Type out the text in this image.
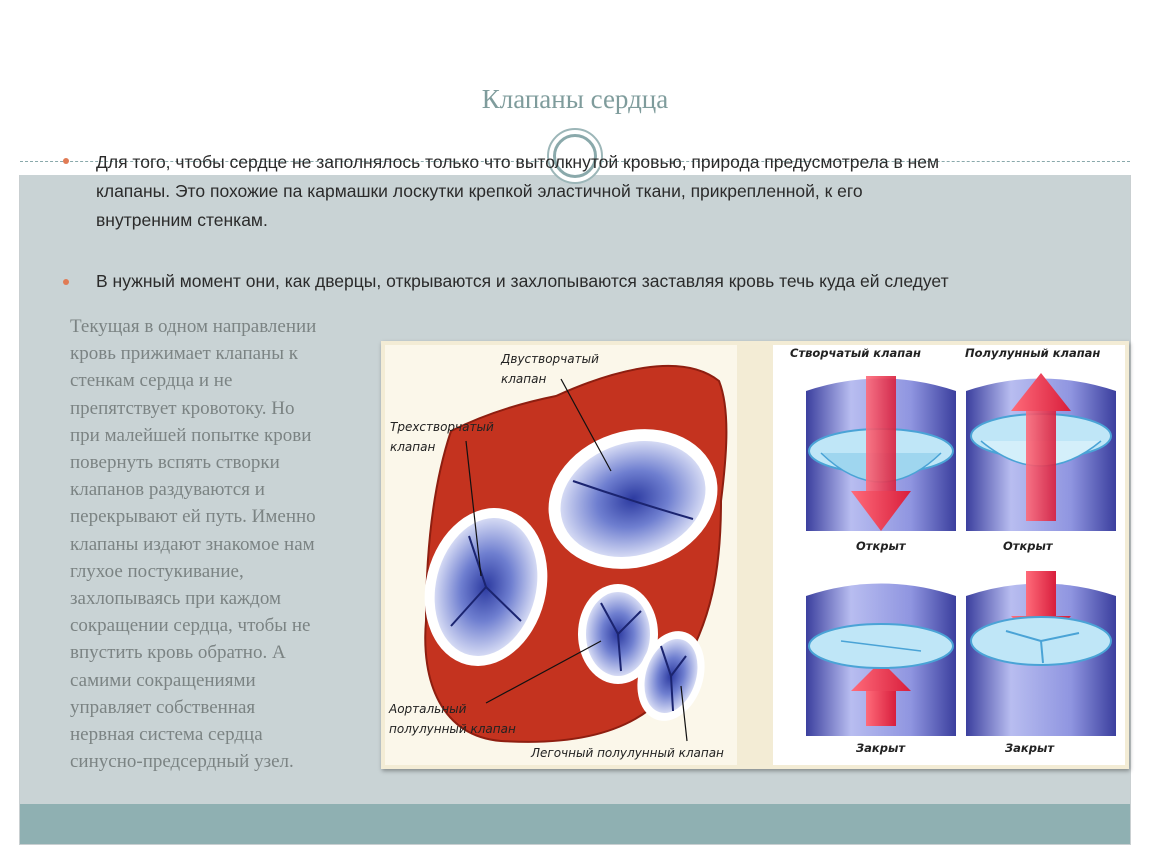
Клапаны сердца
Для того, чтобы сердце не заполнялось только что вытолкнутой кровью, природа предусмотрела в нем
клапаны. Это похожие па кармашки лоскутки крепкой эластичной ткани, прикрепленной, к его
внутренним стенкам.
В нужный момент они, как дверцы, открываются и захлопываются заставляя кровь течь куда ей следует
Текущая в одном направлении
кровь прижимает клапаны к
стенкам сердца и не
препятствует кровотоку. Но
при малейшей попытке крови
повернуть вспять створки
клапанов раздуваются и
перекрывают ей путь. Именно
клапаны издают знакомое нам
глухое постукивание,
захлопываясь при каждом
сокращении сердца, чтобы не
впустить кровь обратно. А
самими сокращениями
управляет собственная
нервная система сердца
синусно-предсердный узел.
Двустворчатый
клапан
Трехстворчатый
клапан
Аортальный
полулунный клапан
Легочный полулунный клапан
Створчатый клапан	Полулунный клапан
Открыт	Открыт
Закрыт	Закрыт
